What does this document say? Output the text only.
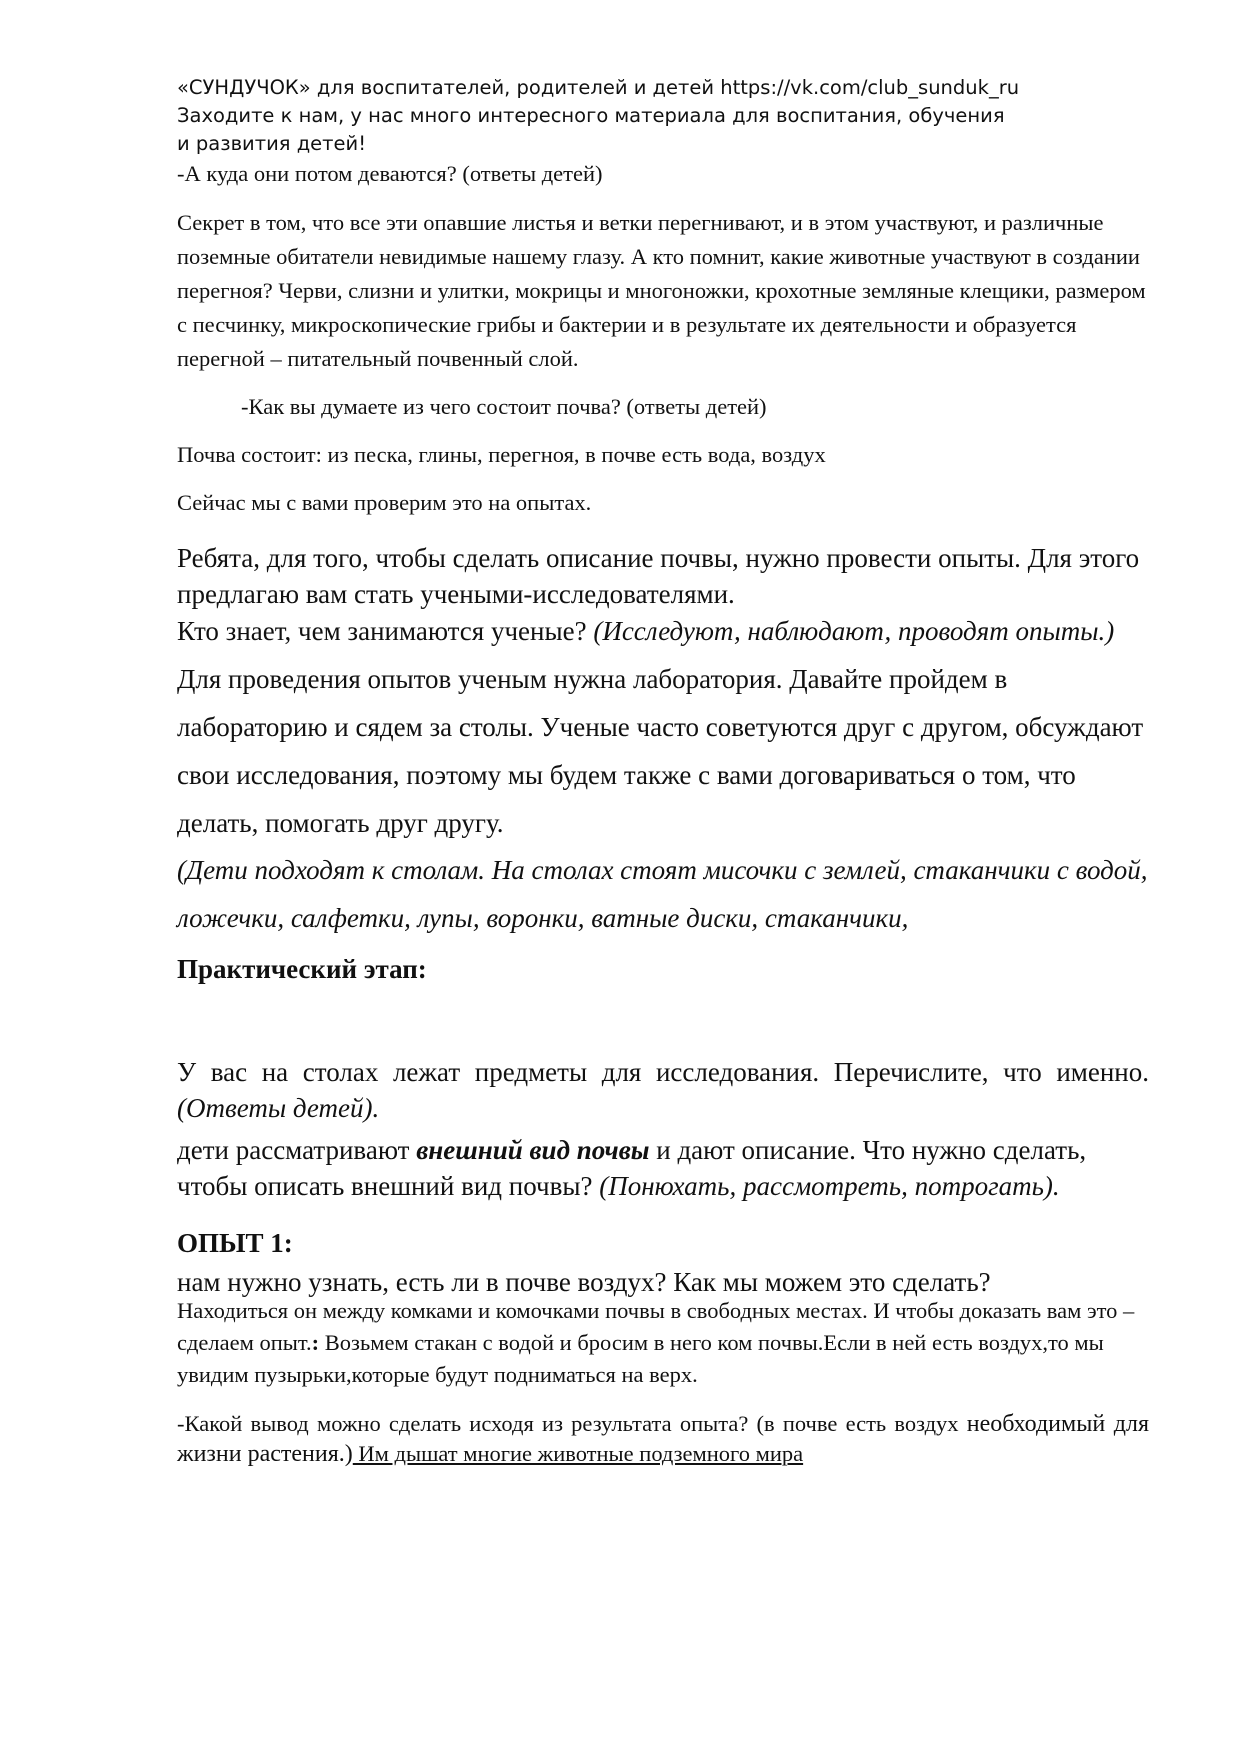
«СУНДУЧОК» для воспитателей, родителей и детей https://vk.com/club_sunduk_ru
Заходите к нам, у нас много интересного материала для воспитания, обучения
и развития детей!

-А куда они потом деваются? (ответы детей)

Секрет в том, что все эти опавшие листья и ветки перегнивают, и в этом участвуют, и различные поземные обитатели невидимые нашему глазу. А кто помнит, какие животные участвуют в создании перегноя? Черви, слизни и улитки, мокрицы и многоножки, крохотные земляные клещики, размером с песчинку, микроскопические грибы и бактерии и в результате их деятельности и образуется перегной – питательный почвенный слой.

-Как вы думаете из чего состоит почва? (ответы детей)

Почва состоит: из песка, глины, перегноя, в почве есть вода, воздух

Сейчас мы с вами проверим это на опытах.

Ребята, для того, чтобы сделать описание почвы, нужно провести опыты. Для этого предлагаю вам стать учеными-исследователями.

Кто знает, чем занимаются ученые? (Исследуют, наблюдают, проводят опыты.) Для проведения опытов ученым нужна лаборатория. Давайте пройдем в лабораторию и сядем за столы. Ученые часто советуются друг с другом, обсуждают свои исследования, поэтому мы будем также с вами договариваться о том, что делать, помогать друг другу.

(Дети подходят к столам. На столах стоят мисочки с землей, стаканчики с водой, ложечки, салфетки, лупы, воронки, ватные диски, стаканчики,

Практический этап:

У вас на столах лежат предметы для исследования. Перечислите, что именно. (Ответы детей).

дети рассматривают внешний вид почвы и дают описание. Что нужно сделать, чтобы описать внешний вид почвы? (Понюхать, рассмотреть, потрогать).

ОПЫТ 1:

нам нужно узнать, есть ли в почве воздух? Как мы можем это сделать?

Находиться он между комками и комочками почвы в свободных местах. И чтобы доказать вам это – сделаем опыт.: Возьмем стакан с водой и бросим в него ком почвы.Если в ней есть воздух,то мы увидим пузырьки,которые будут подниматься на верх.

-Какой вывод можно сделать исходя из результата опыта? (в почве есть воздух необходимый для жизни растения.) Им дышат многие животные подземного мира
